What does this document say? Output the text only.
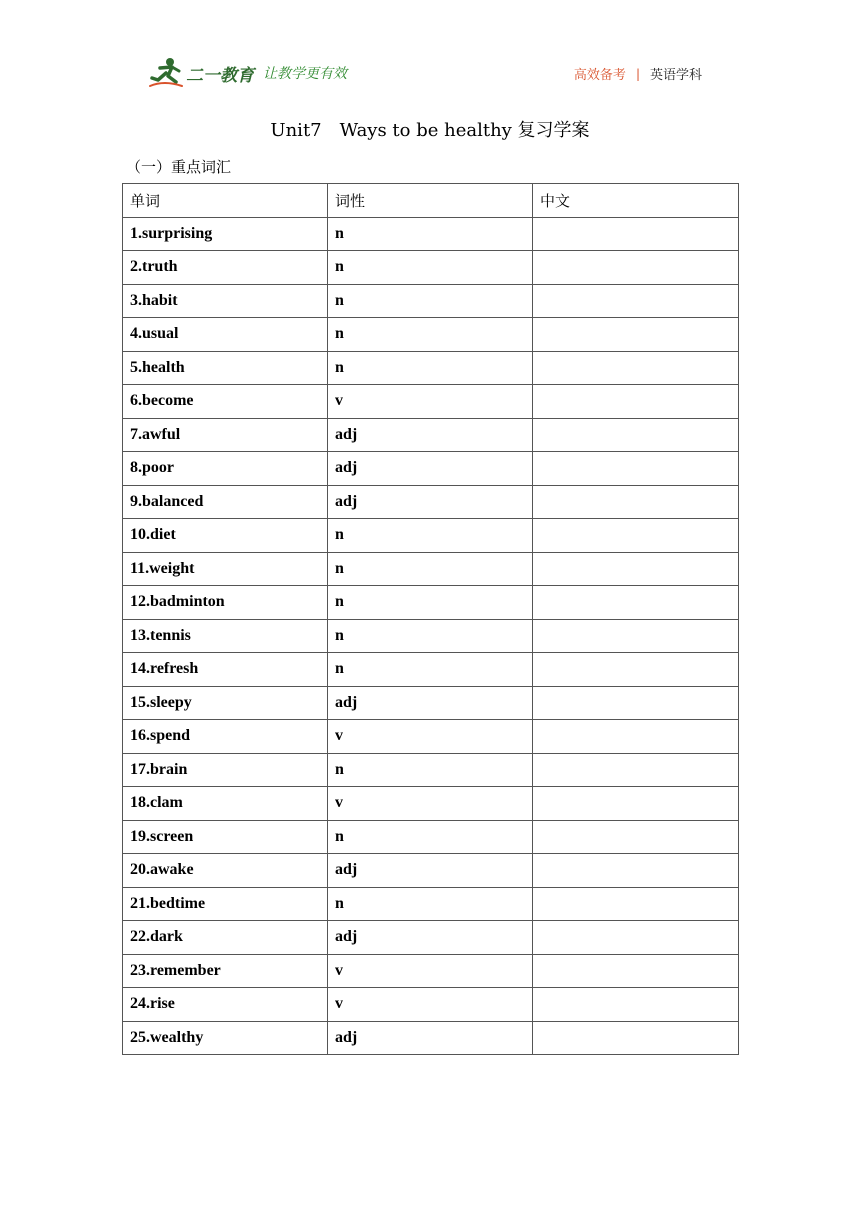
二一教育 让教学更有效	高效备考 | 英语学科
Unit7　Ways to be healthy 复习学案
（一）重点词汇
单词	词性	中文
1.surprising	n	
2.truth	n	
3.habit	n	
4.usual	n	
5.health	n	
6.become	v	
7.awful	adj	
8.poor	adj	
9.balanced	adj	
10.diet	n	
11.weight	n	
12.badminton	n	
13.tennis	n	
14.refresh	n	
15.sleepy	adj	
16.spend	v	
17.brain	n	
18.clam	v	
19.screen	n	
20.awake	adj	
21.bedtime	n	
22.dark	adj	
23.remember	v	
24.rise	v	
25.wealthy	adj	
